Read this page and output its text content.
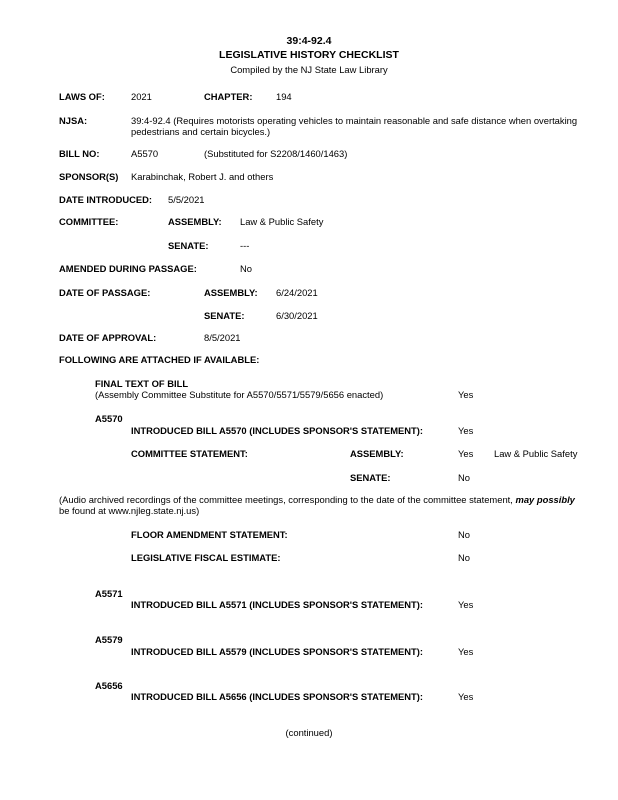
39:4-92.4
LEGISLATIVE HISTORY CHECKLIST
Compiled by the NJ State Law Library
LAWS OF:	2021	CHAPTER:	194
NJSA:	39:4-92.4 (Requires motorists operating vehicles to maintain reasonable and safe distance when overtaking
pedestrians and certain bicycles.)
BILL NO:	A5570	(Substituted for S2208/1460/1463)
SPONSOR(S) Karabinchak, Robert J. and others
DATE INTRODUCED: 5/5/2021
COMMITTEE:	ASSEMBLY: Law & Public Safety
SENATE:	---
AMENDED DURING PASSAGE:	No
DATE OF PASSAGE:	ASSEMBLY: 6/24/2021
SENATE:	6/30/2021
DATE OF APPROVAL:	8/5/2021
FOLLOWING ARE ATTACHED IF AVAILABLE:
FINAL TEXT OF BILL
(Assembly Committee Substitute for A5570/5571/5579/5656 enacted)	Yes
A5570
INTRODUCED BILL A5570 (INCLUDES SPONSOR'S STATEMENT):	Yes
COMMITTEE STATEMENT:	ASSEMBLY:	Yes Law & Public Safety
SENATE:	No
(Audio archived recordings of the committee meetings, corresponding to the date of the committee statement, may possibly
be found at www.njleg.state.nj.us)
FLOOR AMENDMENT STATEMENT:	No
LEGISLATIVE FISCAL ESTIMATE:	No
A5571
INTRODUCED BILL A5571 (INCLUDES SPONSOR'S STATEMENT):	Yes
A5579
INTRODUCED BILL A5579 (INCLUDES SPONSOR'S STATEMENT):	Yes
A5656
INTRODUCED BILL A5656 (INCLUDES SPONSOR'S STATEMENT):	Yes
(continued)
